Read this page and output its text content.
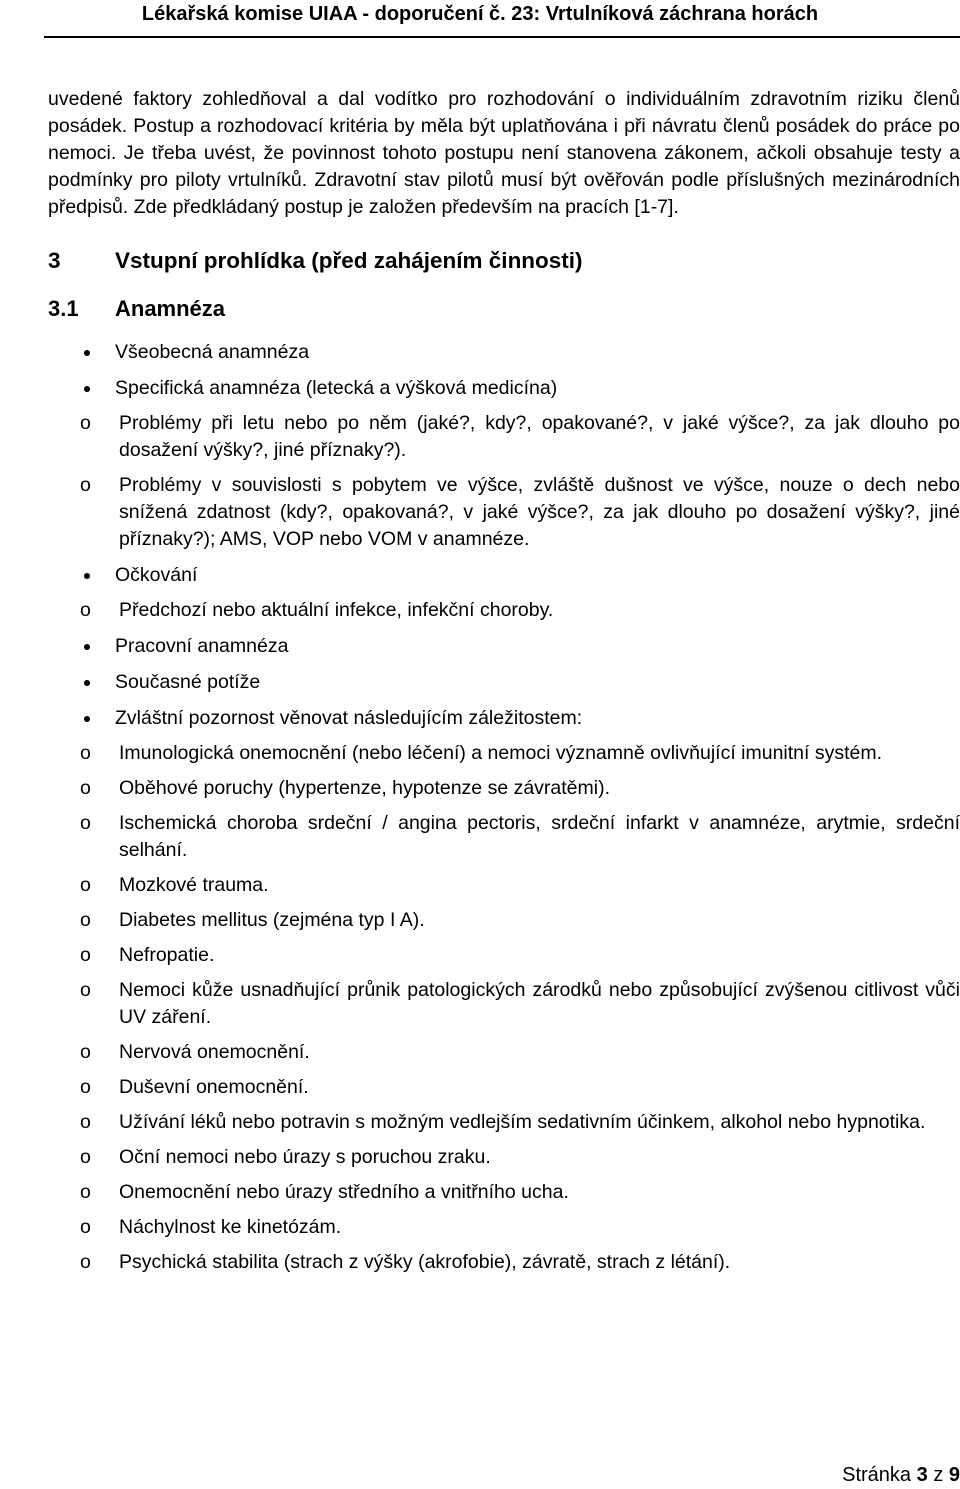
Lékařská komise UIAA - doporučení č. 23: Vrtulníková záchrana horách

uvedené faktory zohledňoval a dal vodítko pro rozhodování o individuálním zdravotním riziku členů posádek. Postup a rozhodovací kritéria by měla být uplatňována i při návratu členů posádek do práce po nemoci. Je třeba uvést, že povinnost tohoto postupu není stanovena zákonem, ačkoli obsahuje testy a podmínky pro piloty vrtulníků. Zdravotní stav pilotů musí být ověřován podle příslušných mezinárodních předpisů. Zde předkládaný postup je založen především na pracích [1-7].

3 Vstupní prohlídka (před zahájením činnosti)
3.1 Anamnéza
Všeobecná anamnéza
Specifická anamnéza (letecká a výšková medicína)
o Problémy při letu nebo po něm (jaké?, kdy?, opakované?, v jaké výšce?, za jak dlouho po dosažení výšky?, jiné příznaky?).
o Problémy v souvislosti s pobytem ve výšce, zvláště dušnost ve výšce, nouze o dech nebo snížená zdatnost (kdy?, opakovaná?, v jaké výšce?, za jak dlouho po dosažení výšky?, jiné příznaky?); AMS, VOP nebo VOM v anamnéze.
Očkování
o Předchozí nebo aktuální infekce, infekční choroby.
Pracovní anamnéza
Současné potíže
Zvláštní pozornost věnovat následujícím záležitostem:
o Imunologická onemocnění (nebo léčení) a nemoci významně ovlivňující imunitní systém.
o Oběhové poruchy (hypertenze, hypotenze se závratěmi).
o Ischemická choroba srdeční / angina pectoris, srdeční infarkt v anamnéze, arytmie, srdeční selhání.
o Mozkové trauma.
o Diabetes mellitus (zejména typ I A).
o Nefropatie.
o Nemoci kůže usnadňující průnik patologických zárodků nebo způsobující zvýšenou citlivost vůči UV záření.
o Nervová onemocnění.
o Duševní onemocnění.
o Užívání léků nebo potravin s možným vedlejším sedativním účinkem, alkohol nebo hypnotika.
o Oční nemoci nebo úrazy s poruchou zraku.
o Onemocnění nebo úrazy středního a vnitřního ucha.
o Náchylnost ke kinetózám.
o Psychická stabilita (strach z výšky (akrofobie), závratě, strach z létání).
Stránka 3 z 9
